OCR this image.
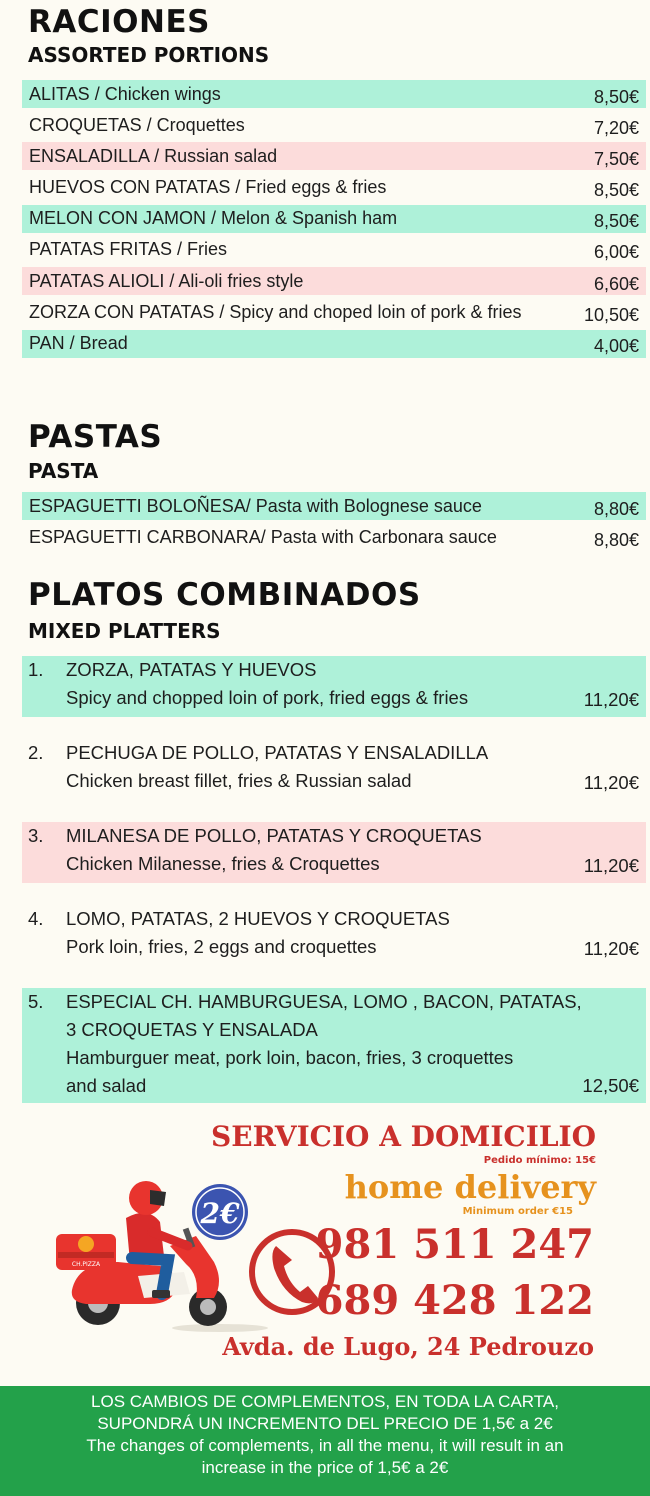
RACIONES
ASSORTED PORTIONS
ALITAS / Chicken wings	8,50€
CROQUETAS / Croquettes	7,20€
ENSALADILLA / Russian salad	7,50€
HUEVOS CON PATATAS / Fried eggs & fries	8,50€
MELON CON JAMON / Melon & Spanish ham	8,50€
PATATAS FRITAS / Fries	6,00€
PATATAS ALIOLI / Ali-oli fries style	6,60€
ZORZA CON PATATAS / Spicy and choped loin of pork & fries	10,50€
PAN / Bread	4,00€
PASTAS
PASTA
ESPAGUETTI BOLOÑESA/ Pasta with Bolognese sauce	8,80€
ESPAGUETTI CARBONARA/ Pasta with Carbonara sauce	8,80€
PLATOS COMBINADOS
MIXED PLATTERS
1.	ZORZA, PATATAS Y HUEVOS
Spicy and chopped loin of pork, fried eggs & fries	11,20€
2.	PECHUGA DE POLLO, PATATAS Y ENSALADILLA
Chicken breast fillet, fries & Russian salad	11,20€
3.	MILANESA DE POLLO, PATATAS Y CROQUETAS
Chicken Milanesse, fries & Croquettes	11,20€
4.	LOMO, PATATAS, 2 HUEVOS Y CROQUETAS
Pork loin, fries, 2 eggs and croquettes	11,20€
5.	ESPECIAL CH. HAMBURGUESA, LOMO , BACON, PATATAS,
3 CROQUETAS Y ENSALADA
Hamburguer meat, pork loin, bacon, fries, 3 croquettes
and salad	12,50€
CH.PIZZA
2€
SERVICIO A DOMICILIO
Pedido mínimo: 15€
home delivery
Minimum order €15
981 511 247
689 428 122
Avda. de Lugo, 24 Pedrouzo
LOS CAMBIOS DE COMPLEMENTOS, EN TODA LA CARTA,
SUPONDRÁ UN INCREMENTO DEL PRECIO DE 1,5€ a 2€
The changes of complements, in all the menu, it will result in an
increase in the price of 1,5€ a 2€
